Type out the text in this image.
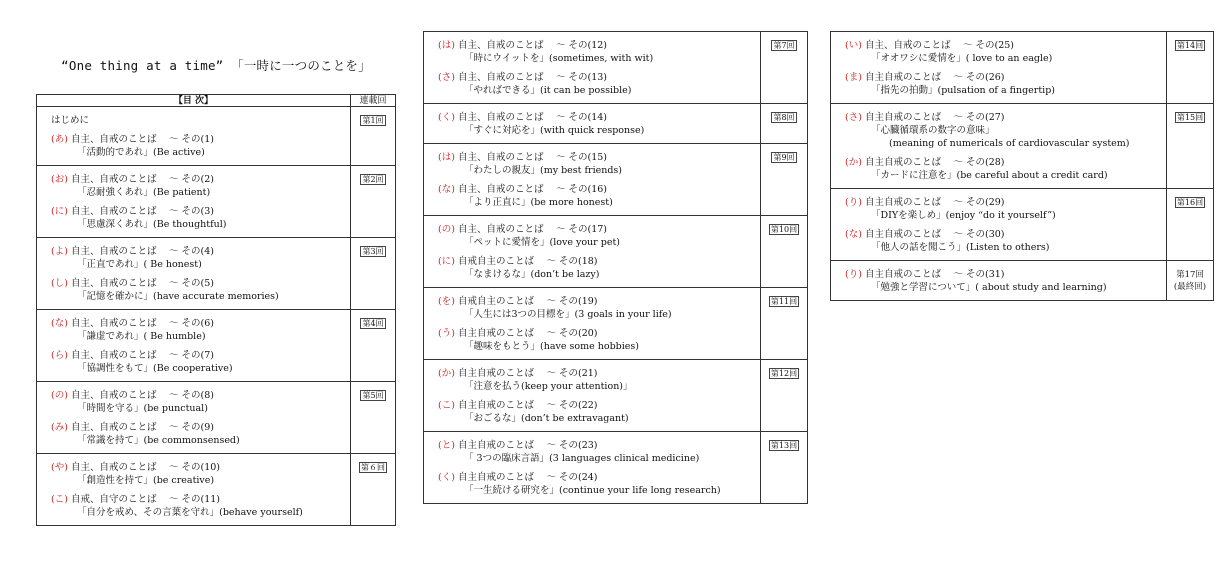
“One thing at a time” 「一時に一つのことを」
【目 次】	連載回
はじめに
(あ) 自主、自戒のことば　 ～ その(1)
「活動的であれ」(Be active)
第1回
(お) 自主、自戒のことば　 ～ その(2)
「忍耐強くあれ」(Be patient)
(に) 自主、自戒のことば　 ～ その(3)
「思慮深くあれ」(Be thoughtful)
第2回
(よ) 自主、自戒のことば　 ～ その(4)
「正直であれ」( Be honest)
(し) 自主、自戒のことば　 ～ その(5)
「記憶を確かに」(have accurate memories)
第3回
(な) 自主、自戒のことば　 ～ その(6)
「謙虚であれ」( Be humble)
(ら) 自主、自戒のことば　 ～ その(7)
「協調性をもて」(Be cooperative)
第4回
(の) 自主、自戒のことば　 ～ その(8)
「時間を守る」(be punctual)
(み) 自主、自戒のことば　 ～ その(9)
「常識を持て」(be commonsensed)
第5回
(や) 自主、自戒のことば　 ～ その(10)
「創造性を持て」(be creative)
(こ) 自戒、自守のことば　 ～ その(11)
「自分を戒め、その言葉を守れ」(behave yourself)
第６回
(は) 自主、自戒のことば　 ～ その(12)
「時にウイットを」(sometimes, with wit)
(さ) 自主、自戒のことば　 ～ その(13)
「やればできる」(it can be possible)
第7回
(く) 自主、自戒のことば　 ～ その(14)
「すぐに対応を」(with quick response)
第8回
(は) 自主、自戒のことば　 ～ その(15)
「わたしの親友」(my best friends)
(な) 自主、自戒のことば　 ～ その(16)
「より正直に」(be more honest)
第9回
(の) 自主、自戒のことば　 ～ その(17)
「ペットに愛情を」(love your pet)
(に) 自戒自主のことば　 ～ その(18)
「なまけるな」(don’t be lazy)
第10回
(を) 自戒自主のことば　 ～ その(19)
「人生には3つの目標を」(3 goals in your life)
(う) 自主自戒のことば　 ～ その(20)
「趣味をもとう」(have some hobbies)
第11回
(か) 自主自戒のことば　 ～ その(21)
「注意を払う(keep your attention)」
(こ) 自主自戒のことば　 ～ その(22)
「おごるな」(don’t be extravagant)
第12回
(と) 自主自戒のことば　 ～ その(23)
「 3つの臨床言語」(3 languages clinical medicine)
(く) 自主自戒のことば　 ～ その(24)
「一生続ける研究を」(continue your life long research)
第13回
(い) 自主、自戒のことば　 ～ その(25)
「オオワシに愛情を」( love to an eagle)
(ま) 自主自戒のことば　 ～ その(26)
「指先の拍動」(pulsation of a fingertip)
第14回
(さ) 自主自戒のことば　 ～ その(27)
「心臓循環系の数字の意味」
(meaning of numericals of cardiovascular system)
(か) 自主自戒のことば　 ～ その(28)
「カードに注意を」(be careful about a credit card)
第15回
(り) 自主自戒のことば　 ～ その(29)
「DIYを楽しめ」(enjoy “do it yourself”)
(な) 自主自戒のことば　 ～ その(30)
「他人の話を聞こう」(Listen to others)
第16回
(り) 自主自戒のことば　 ～ その(31)
「勉強と学習について」( about study and learning)
第17回
(最終回)
